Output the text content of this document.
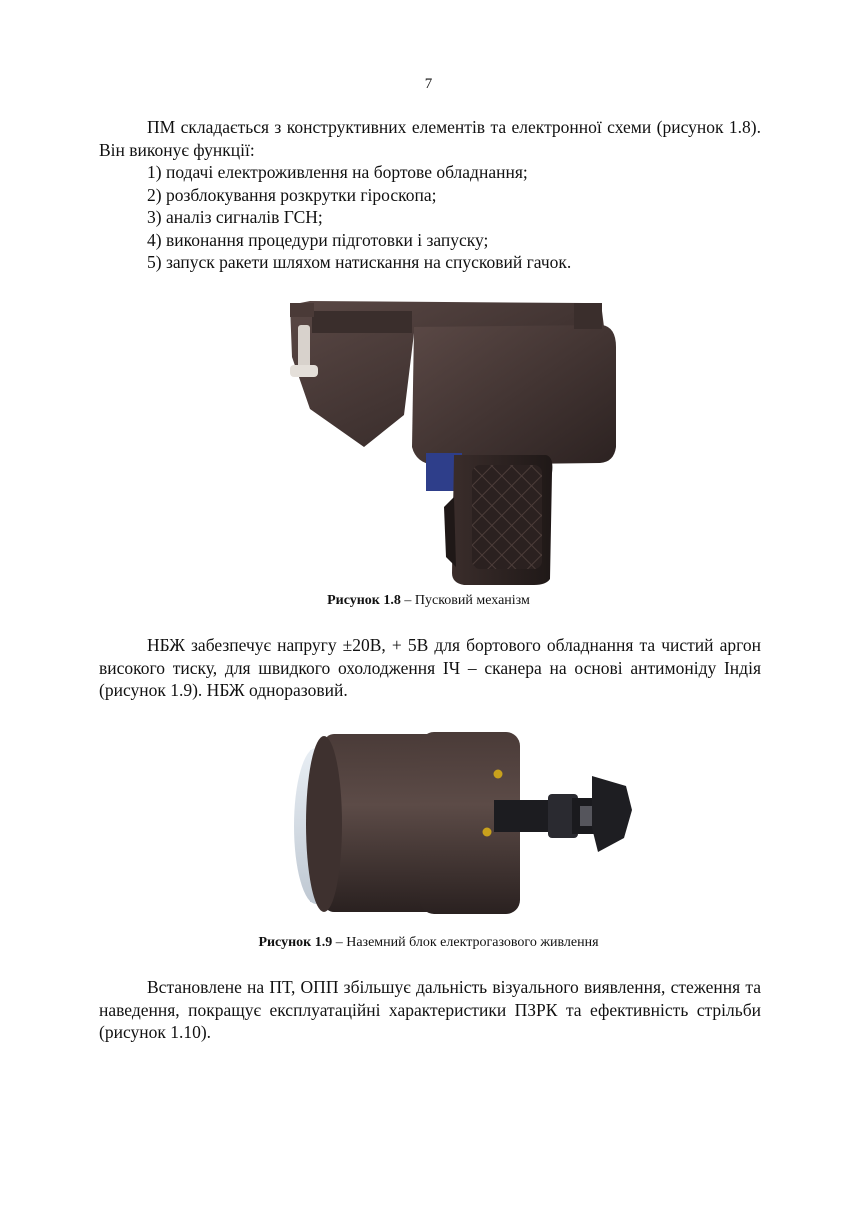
7

ПМ складається з конструктивних елементів та електронної схеми (рисунок 1.8). Він виконує функції:

1) подачі електроживлення на бортове обладнання;
2) розблокування розкрутки гіроскопа;
3) аналіз сигналів ГСН;
4) виконання процедури підготовки і запуску;
5) запуск ракети шляхом натискання на спусковий гачок.
Рисунок 1.8 – Пусковий механізм

НБЖ забезпечує напругу ±20В, + 5В для бортового обладнання та чистий аргон високого тиску, для швидкого охолодження ІЧ – сканера на основі антимоніду Індія (рисунок 1.9). НБЖ одноразовий.

Рисунок 1.9 – Наземний блок електрогазового живлення

Встановлене на ПТ, ОПП збільшує дальність візуального виявлення, стеження та наведення, покращує експлуатаційні характеристики ПЗРК та ефективність стрільби (рисунок 1.10).
